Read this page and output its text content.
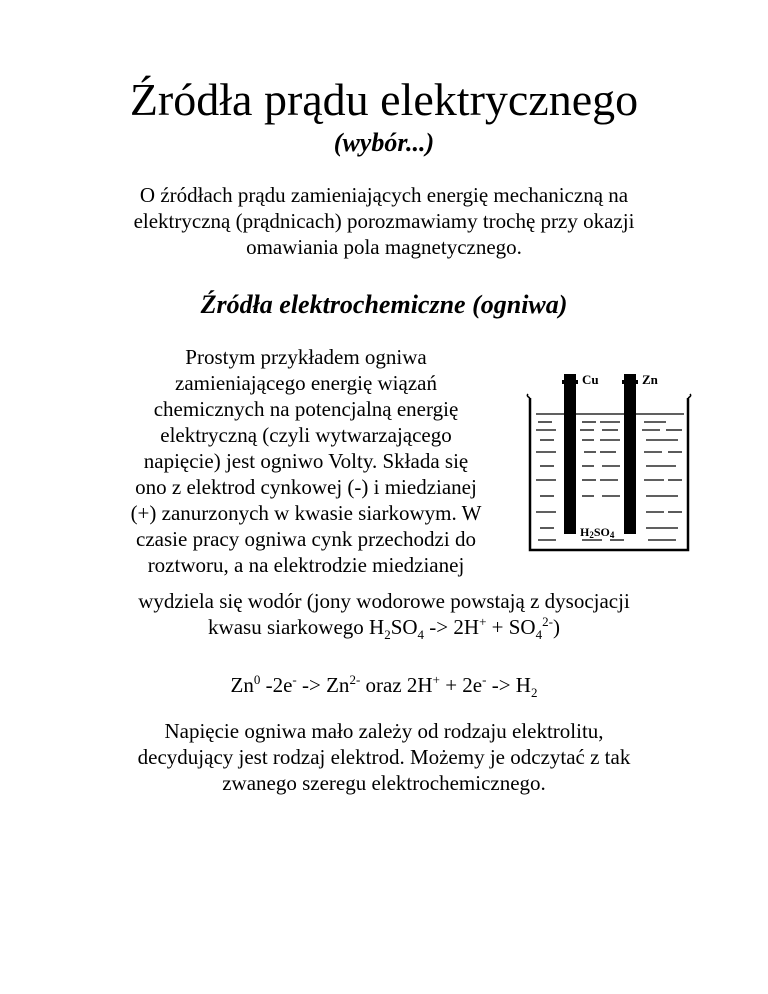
Źródła prądu elektrycznego
(wybór...)
O źródłach prądu zamieniających energię mechaniczną na
elektryczną (prądnicach) porozmawiamy trochę przy okazji
omawiania pola magnetycznego.
Źródła elektrochemiczne (ogniwa)
Prostym przykładem ogniwa
zamieniającego energię wiązań
chemicznych na potencjalną energię
elektryczną (czyli wytwarzającego
napięcie) jest ogniwo Volty. Składa się
ono z elektrod cynkowej (-) i miedzianej
(+) zanurzonych w kwasie siarkowym. W
czasie pracy ogniwa cynk przechodzi do
roztworu, a na elektrodzie miedzianej
wydziela się wodór (jony wodorowe powstają z dysocjacji
kwasu siarkowego $H_2SO_4 -> 2H^+ + SO_4^{2-}$)
Zn$^0$ $-2e^- -> Zn^{2-}$ oraz $2H^+ + 2e^- -> H_2$
Napięcie ogniwa mało zależy od rodzaju elektrolitu,
decydujący jest rodzaj elektrod. Możemy je odczytać z tak
zwanego szeregu elektrochemicznego.
Cu	Zn
H2SO4
